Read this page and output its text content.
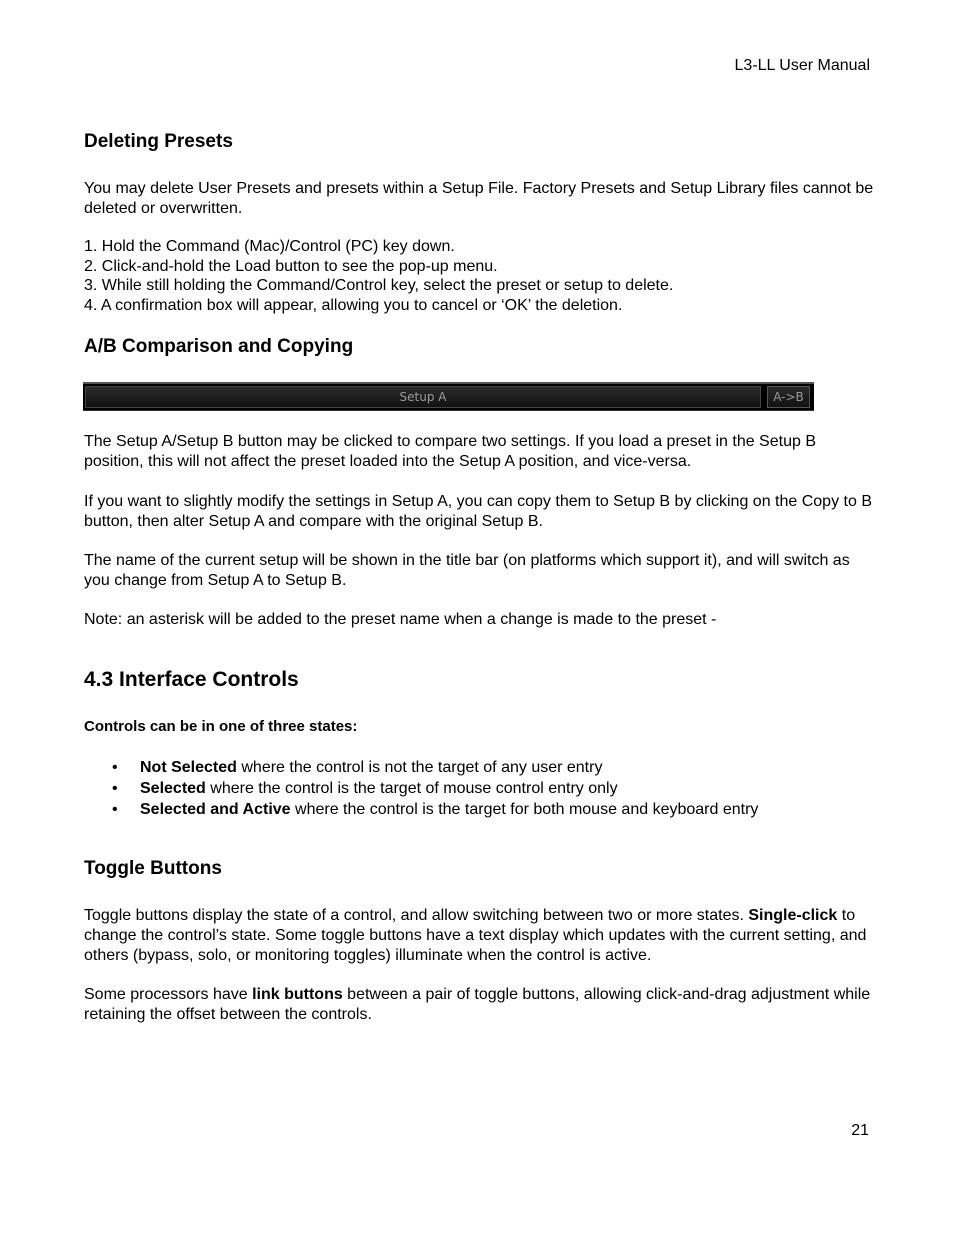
L3-LL User Manual
Deleting Presets
You may delete User Presets and presets within a Setup File. Factory Presets and Setup Library files cannot be deleted or overwritten.
1. Hold the Command (Mac)/Control (PC) key down.
2. Click-and-hold the Load button to see the pop-up menu.
3. While still holding the Command/Control key, select the preset or setup to delete.
4. A confirmation box will appear, allowing you to cancel or ‘OK’ the deletion.
A/B Comparison and Copying
Setup A	A->B
The Setup A/Setup B button may be clicked to compare two settings. If you load a preset in the Setup B position, this will not affect the preset loaded into the Setup A position, and vice-versa.
If you want to slightly modify the settings in Setup A, you can copy them to Setup B by clicking on the Copy to B button, then alter Setup A and compare with the original Setup B.
The name of the current setup will be shown in the title bar (on platforms which support it), and will switch as you change from Setup A to Setup B.
Note: an asterisk will be added to the preset name when a change is made to the preset -
4.3 Interface Controls
Controls can be in one of three states:
• Not Selected where the control is not the target of any user entry
• Selected where the control is the target of mouse control entry only
• Selected and Active where the control is the target for both mouse and keyboard entry
Toggle Buttons
Toggle buttons display the state of a control, and allow switching between two or more states. Single-click to change the control’s state. Some toggle buttons have a text display which updates with the current setting, and others (bypass, solo, or monitoring toggles) illuminate when the control is active.
Some processors have link buttons between a pair of toggle buttons, allowing click-and-drag adjustment while retaining the offset between the controls.
21
